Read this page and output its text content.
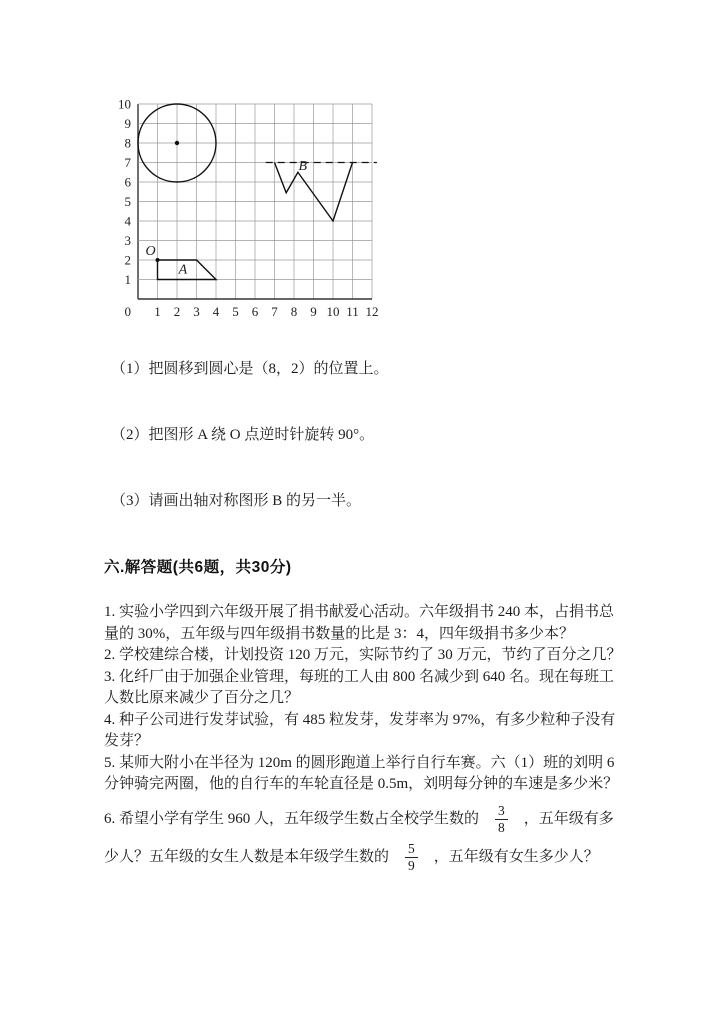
10
9
8
7
6
5
4
3
2
1
1 2 3 4 5 6 7 8 9 10 11 12
0
O
A
B

（1）把圆移到圆心是（8，2）的位置上。

（2）把图形 A 绕 O 点逆时针旋转 90°。

（3）请画出轴对称图形 B 的另一半。

六.解答题(共6题，共30分)

1. 实验小学四到六年级开展了捐书献爱心活动。六年级捐书 240 本，占捐书总量的 30%，五年级与四年级捐书数量的比是 3：4，四年级捐书多少本？

2. 学校建综合楼，计划投资 120 万元，实际节约了 30 万元，节约了百分之几？

3. 化纤厂由于加强企业管理，每班的工人由 800 名减少到 640 名。现在每班工人数比原来减少了百分之几？

4. 种子公司进行发芽试验，有 485 粒发芽，发芽率为 97%，有多少粒种子没有发芽？

5. 某师大附小在半径为 120m 的圆形跑道上举行自行车赛。六（1）班的刘明 6 分钟骑完两圈，他的自行车的车轮直径是 0.5m，刘明每分钟的车速是多少米？

6. 希望小学有学生 960 人，五年级学生数占全校学生数的 $\frac{3}{8}$ ，五年级有多少人？五年级的女生人数是本年级学生数的 $\frac{5}{9}$ ，五年级有女生多少人？
